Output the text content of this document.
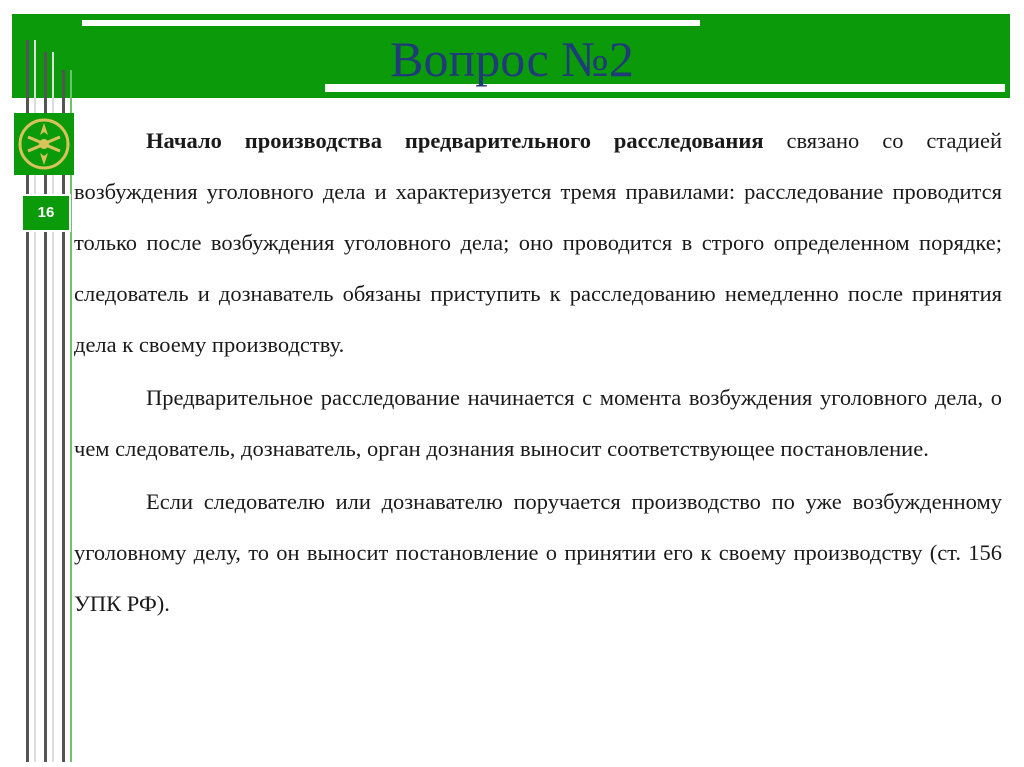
Вопрос №2
16

Начало производства предварительного расследования связано со стадией возбуждения уголовного дела и характеризуется тремя правилами: расследование проводится только после возбуждения уголовного дела; оно проводится в строго определенном порядке; следователь и дознаватель обязаны приступить к расследованию немедленно после принятия дела к своему производству.

Предварительное расследование начинается с момента возбуждения уголовного дела, о чем следователь, дознаватель, орган дознания выносит соответствующее постановление.

Если следователю или дознавателю поручается производство по уже возбужденному уголовному делу, то он выносит постановление о принятии его к своему производству (ст. 156 УПК РФ).
